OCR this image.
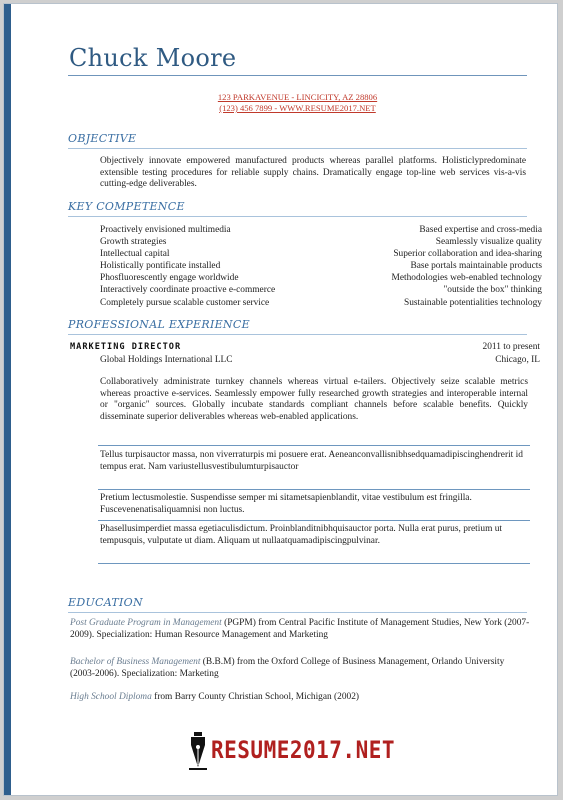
Chuck Moore
123 PARKAVENUE - LINCICITY, AZ 28806
(123) 456 7899 - WWW.RESUME2017.NET
OBJECTIVE
Objectively innovate empowered manufactured products whereas parallel platforms. Holisticlypredominate extensible testing procedures for reliable supply chains. Dramatically engage top-line web services vis-a-vis cutting-edge deliverables.
KEY COMPETENCE
Proactively envisioned multimedia	Based expertise and cross-media
Growth strategies	Seamlessly visualize quality
Intellectual capital	Superior collaboration and idea-sharing
Holistically pontificate installed	Base portals maintainable products
Phosfluorescently engage worldwide	Methodologies web-enabled technology
Interactively coordinate proactive e-commerce	"outside the box" thinking
Completely pursue scalable customer service	Sustainable potentialities technology
PROFESSIONAL EXPERIENCE
MARKETING DIRECTOR	2011 to present
Global Holdings International LLC	Chicago, IL
Collaboratively administrate turnkey channels whereas virtual e-tailers. Objectively seize scalable metrics whereas proactive e-services. Seamlessly empower fully researched growth strategies and interoperable internal or "organic" sources. Globally incubate standards compliant channels before scalable benefits. Quickly disseminate superior deliverables whereas web-enabled applications.
Tellus turpisauctor massa, non viverraturpis mi posuere erat. Aeneanconvallisnibhsedquamadipiscinghendrerit id tempus erat. Nam variustellusvestibulumturpisauctor
Pretium lectusmolestie. Suspendisse semper mi sitametsapienblandit, vitae vestibulum est fringilla. Fuscevenenatisaliquamnisi non luctus.
Phasellusimperdiet massa egetiaculisdictum. Proinblanditnibhquisauctor porta. Nulla erat purus, pretium ut tempusquis, vulputate ut diam. Aliquam ut nullaatquamadipiscingpulvinar.
EDUCATION
Post Graduate Program in Management (PGPM) from Central Pacific Institute of Management Studies, New York (2007-2009). Specialization: Human Resource Management and Marketing
Bachelor of Business Management (B.B.M) from the Oxford College of Business Management, Orlando University (2003-2006). Specialization: Marketing
High School Diploma from Barry County Christian School, Michigan (2002)
RESUME2017.NET
